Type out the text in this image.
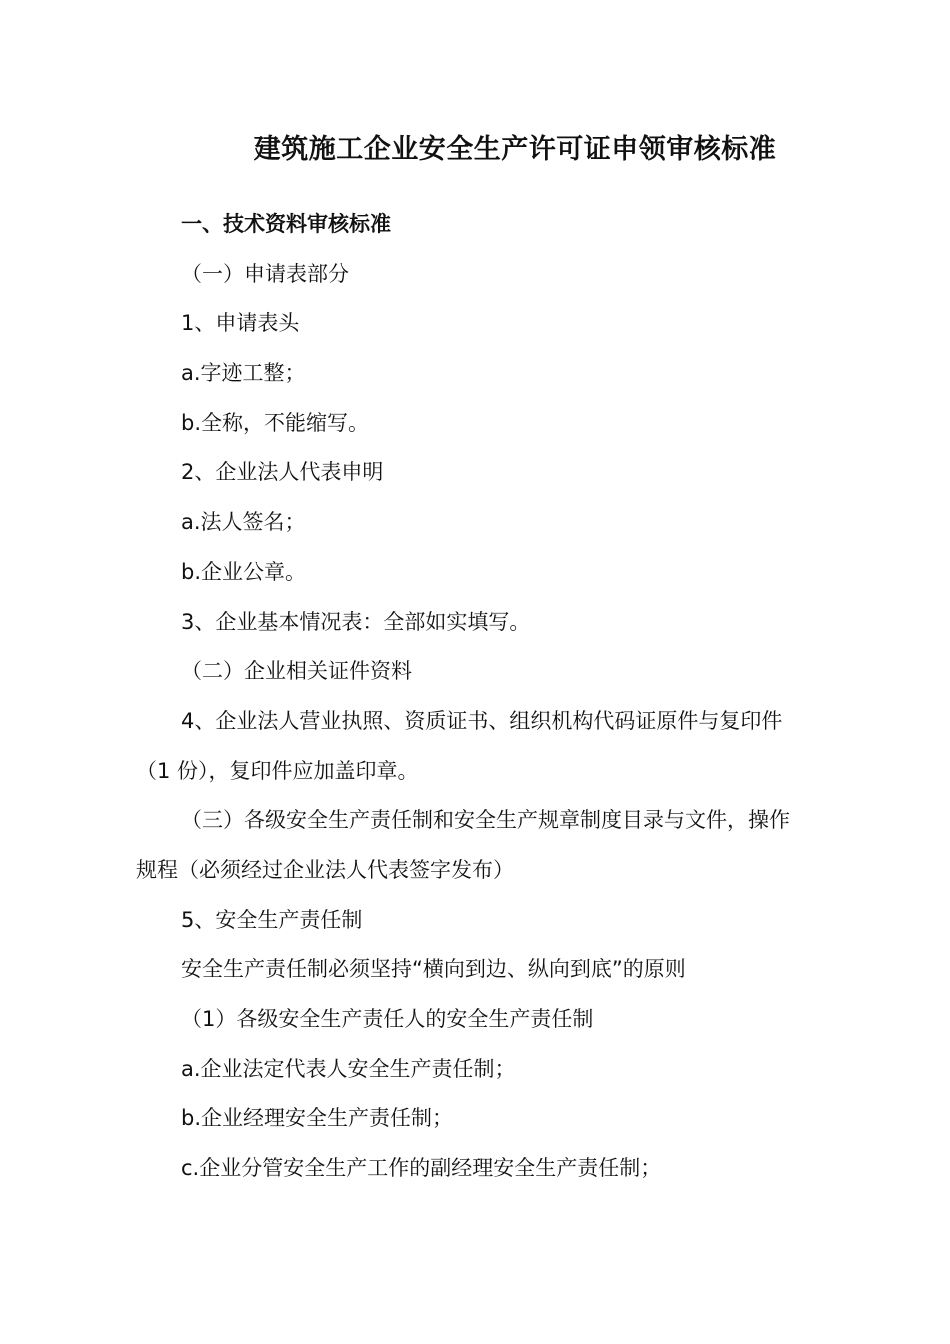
建筑施工企业安全生产许可证申领审核标准
一、技术资料审核标准
（一）申请表部分
1、申请表头
a.字迹工整；
b.全称，不能缩写。
2、企业法人代表申明
a.法人签名；
b.企业公章。
3、企业基本情况表：全部如实填写。
（二）企业相关证件资料
4、企业法人营业执照、资质证书、组织机构代码证原件与复印件
（1 份），复印件应加盖印章。
（三）各级安全生产责任制和安全生产规章制度目录与文件，操作
规程（必须经过企业法人代表签字发布）
5、安全生产责任制
安全生产责任制必须坚持“横向到边、纵向到底”的原则
（1）各级安全生产责任人的安全生产责任制
a.企业法定代表人安全生产责任制；
b.企业经理安全生产责任制；
c.企业分管安全生产工作的副经理安全生产责任制；
